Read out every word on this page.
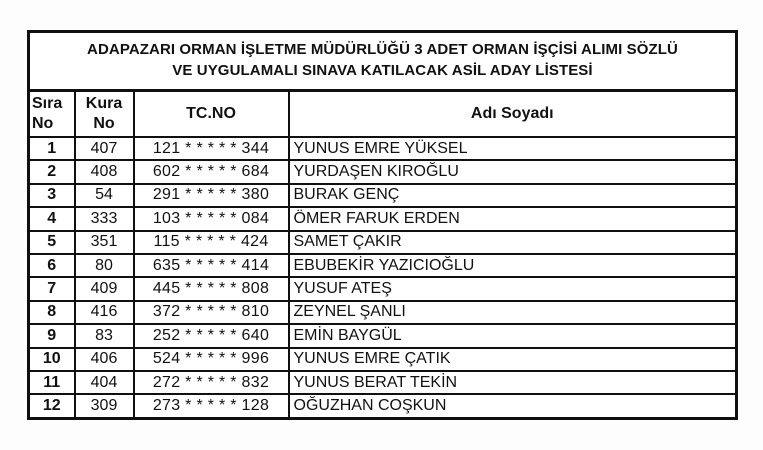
ADAPAZARI ORMAN İŞLETME MÜDÜRLÜĞÜ 3 ADET ORMAN İŞÇİSİ ALIMI SÖZLÜ
VE UYGULAMALI SINAVA KATILACAK ASİL ADAY LİSTESİ			
Sıra No	Kura No	TC.NO	Adı Soyadı
1	407	121 * * * * * 344	YUNUS EMRE YÜKSEL
2	408	602 * * * * * 684	YURDAŞEN KIROĞLU
3	54	291 * * * * * 380	BURAK GENÇ
4	333	103 * * * * * 084	ÖMER FARUK ERDEN
5	351	115 * * * * * 424	SAMET ÇAKIR
6	80	635 * * * * * 414	EBUBEKİR YAZICIOĞLU
7	409	445 * * * * * 808	YUSUF ATEŞ
8	416	372 * * * * * 810	ZEYNEL ŞANLI
9	83	252 * * * * * 640	EMİN BAYGÜL
10	406	524 * * * * * 996	YUNUS EMRE ÇATIK
11	404	272 * * * * * 832	YUNUS BERAT TEKİN
12	309	273 * * * * * 128	OĞUZHAN COŞKUN
